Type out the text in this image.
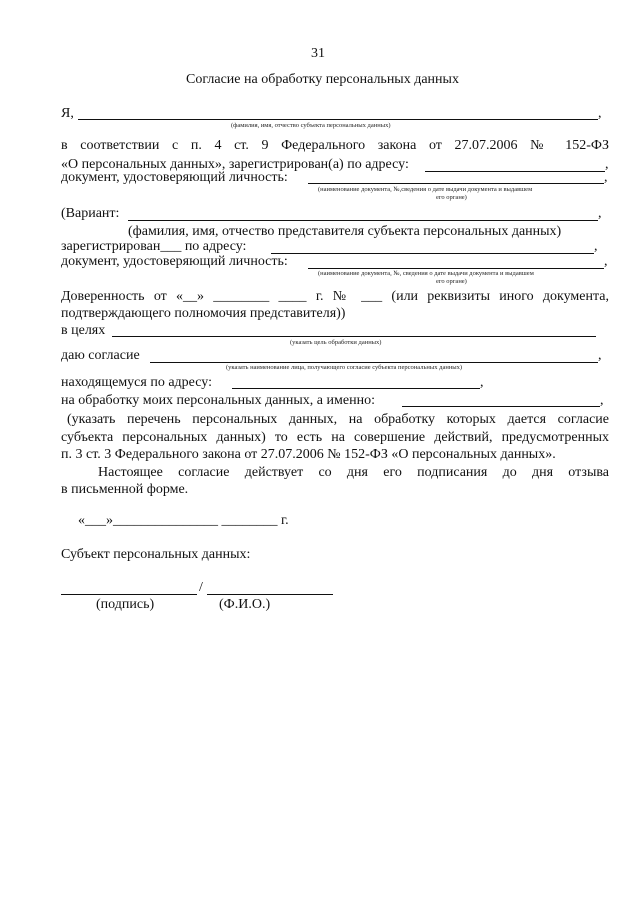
31
Согласие на обработку персональных данных
Я,	,
(фамилия, имя, отчество субъекта персональных данных)
в соответствии с п. 4 ст. 9 Федерального закона от 27.07.2006 № 152-ФЗ
«О персональных данных», зарегистрирован(а) по адресу:	,
документ, удостоверяющий личность:	,
(наименование документа, №,сведения о дате выдачи документа и выдавшем
его органе)
(Вариант:	,
(фамилия, имя, отчество представителя субъекта персональных данных)
зарегистрирован___ по адресу:	,
документ, удостоверяющий личность:	,
(наименование документа, №, сведения о дате выдачи документа и выдавшем
его органе)
Доверенность от «__» ________ ____ г. № ___ (или реквизиты иного документа,
подтверждающего полномочия представителя))
в целях
(указать цель обработки данных)
даю согласие	,
(указать наименование лица, получающего согласие субъекта персональных данных)
находящемуся по адресу:	,
на обработку моих персональных данных, а именно:	,
(указать перечень персональных данных, на обработку которых дается согласие
субъекта персональных данных) то есть на совершение действий, предусмотренных
п. 3 ст. 3 Федерального закона от 27.07.2006 № 152-ФЗ «О персональных данных».
Настоящее согласие действует со дня его подписания до дня отзыва
в письменной форме.
«___»_______________ ________ г.
Субъект персональных данных:
/
(подпись)	(Ф.И.О.)
